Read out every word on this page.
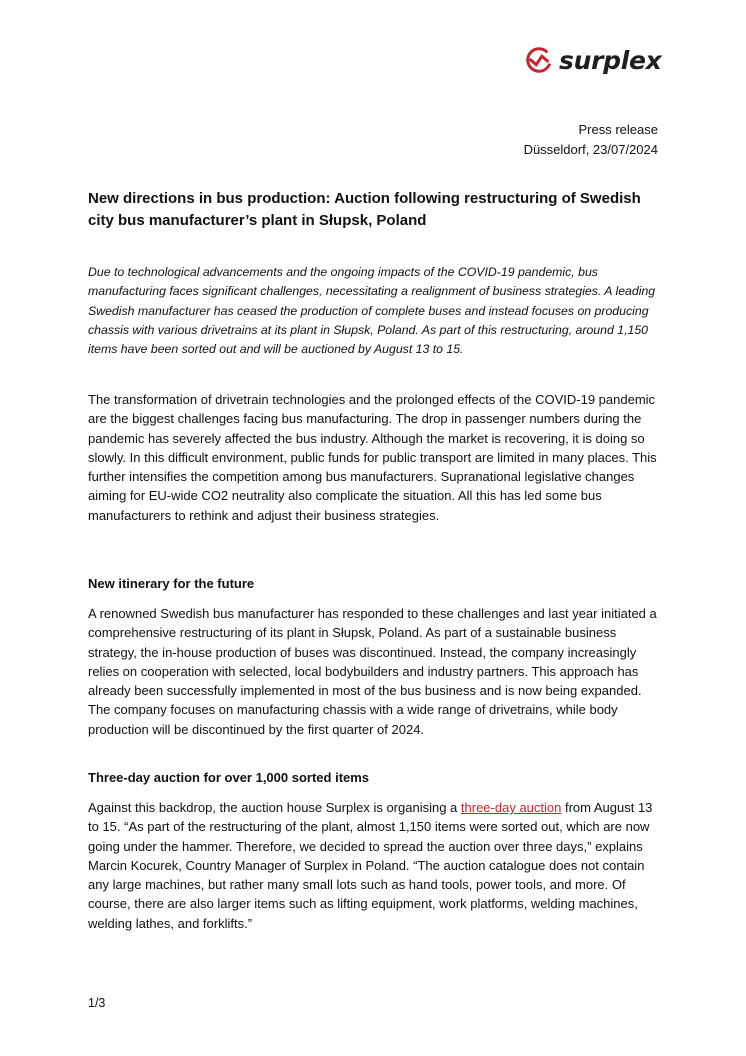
surplex
Press release
Düsseldorf, 23/07/2024
New directions in bus production: Auction following restructuring of Swedish city bus manufacturer’s plant in Słupsk, Poland

Due to technological advancements and the ongoing impacts of the COVID-19 pandemic, bus manufacturing faces significant challenges, necessitating a realignment of business strategies. A leading Swedish manufacturer has ceased the production of complete buses and instead focuses on producing chassis with various drivetrains at its plant in Słupsk, Poland. As part of this restructuring, around 1,150 items have been sorted out and will be auctioned by August 13 to 15.

The transformation of drivetrain technologies and the prolonged effects of the COVID-19 pandemic are the biggest challenges facing bus manufacturing. The drop in passenger numbers during the pandemic has severely affected the bus industry. Although the market is recovering, it is doing so slowly. In this difficult environment, public funds for public transport are limited in many places. This further intensifies the competition among bus manufacturers. Supranational legislative changes aiming for EU-wide CO2 neutrality also complicate the situation. All this has led some bus manufacturers to rethink and adjust their business strategies.

New itinerary for the future

A renowned Swedish bus manufacturer has responded to these challenges and last year initiated a comprehensive restructuring of its plant in Słupsk, Poland. As part of a sustainable business strategy, the in-house production of buses was discontinued. Instead, the company increasingly relies on cooperation with selected, local bodybuilders and industry partners. This approach has already been successfully implemented in most of the bus business and is now being expanded. The company focuses on manufacturing chassis with a wide range of drivetrains, while body production will be discontinued by the first quarter of 2024.

Three-day auction for over 1,000 sorted items

Against this backdrop, the auction house Surplex is organising a three-day auction from August 13 to 15. “As part of the restructuring of the plant, almost 1,150 items were sorted out, which are now going under the hammer. Therefore, we decided to spread the auction over three days,” explains Marcin Kocurek, Country Manager of Surplex in Poland. “The auction catalogue does not contain any large machines, but rather many small lots such as hand tools, power tools, and more. Of course, there are also larger items such as lifting equipment, work platforms, welding machines, welding lathes, and forklifts.”

1/3
